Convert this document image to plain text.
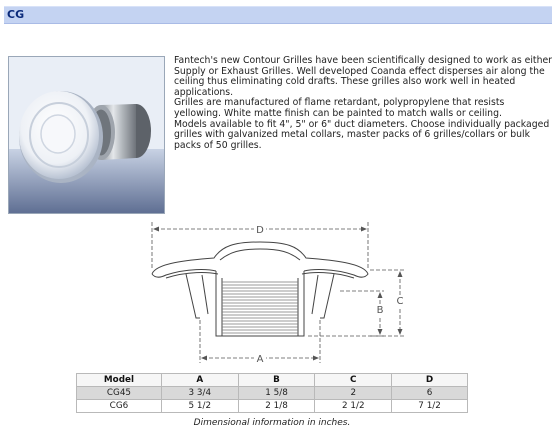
CG

Fantech's new Contour Grilles have been scientifically designed to work as either Supply or Exhaust Grilles. Well developed Coanda effect disperses air along the ceiling thus eliminating cold drafts. These grilles also work well in heated applications.

Grilles are manufactured of flame retardant, polypropylene that resists yellowing. White matte finish can be painted to match walls or ceiling.

Models available to fit 4", 5" or 6" duct diameters. Choose individually packaged grilles with galvanized metal collars, master packs of 6 grilles/collars or bulk packs of 50 grilles.

D
C
B
A
Model	A	B	C	D
CG45	3 3/4	1 5/8	2	6
CG6	5 1/2	2 1/8	2 1/2	7 1/2
Dimensional information in inches.
